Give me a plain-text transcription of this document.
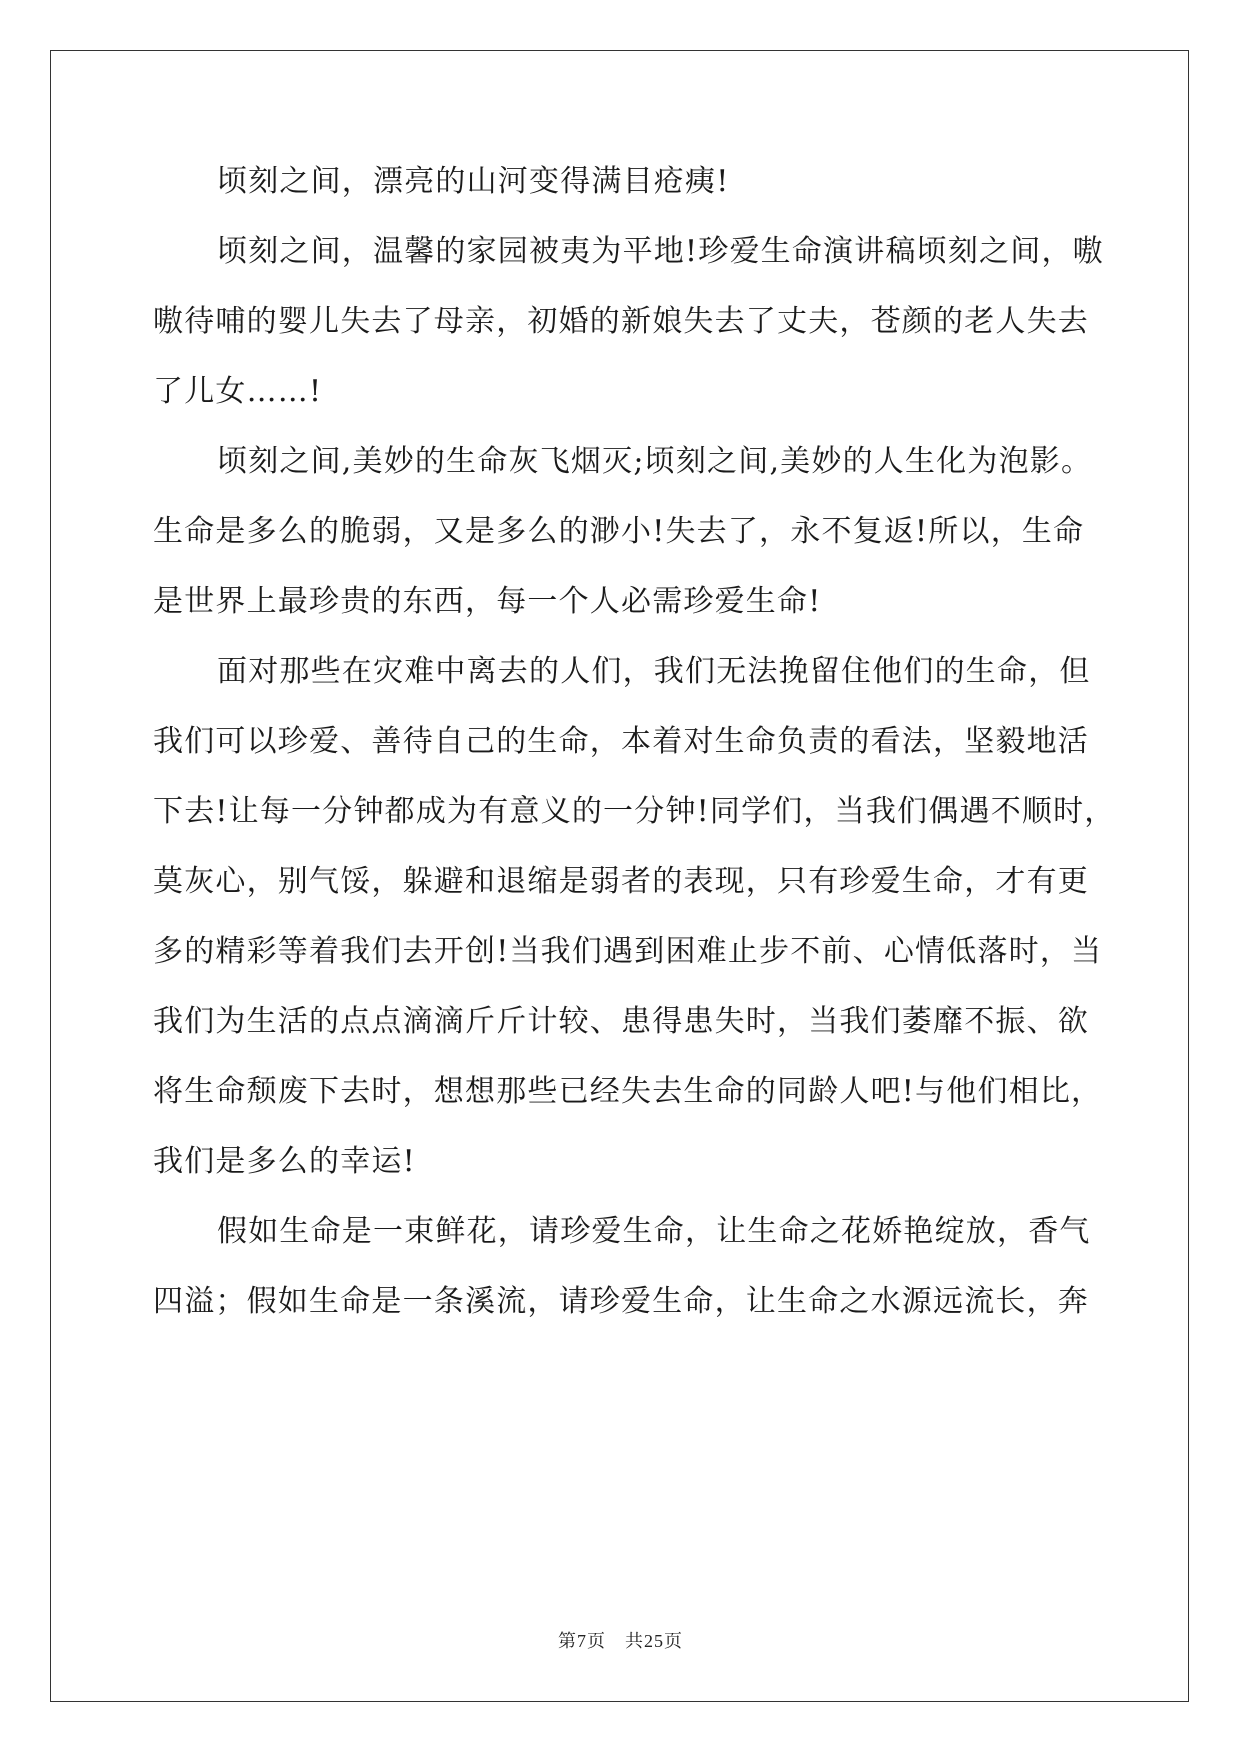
顷刻之间，漂亮的山河变得满目疮痍!
顷刻之间，温馨的家园被夷为平地!珍爱生命演讲稿顷刻之间，嗷
嗷待哺的婴儿失去了母亲，初婚的新娘失去了丈夫，苍颜的老人失去
了儿女……!
顷刻之间,美妙的生命灰飞烟灭;顷刻之间,美妙的人生化为泡影。
生命是多么的脆弱，又是多么的渺小!失去了，永不复返!所以，生命
是世界上最珍贵的东西，每一个人必需珍爱生命!
面对那些在灾难中离去的人们，我们无法挽留住他们的生命，但
我们可以珍爱、善待自己的生命，本着对生命负责的看法，坚毅地活
下去!让每一分钟都成为有意义的一分钟!同学们，当我们偶遇不顺时，
莫灰心，别气馁，躲避和退缩是弱者的表现，只有珍爱生命，才有更
多的精彩等着我们去开创!当我们遇到困难止步不前、心情低落时，当
我们为生活的点点滴滴斤斤计较、患得患失时，当我们萎靡不振、欲
将生命颓废下去时，想想那些已经失去生命的同龄人吧!与他们相比，
我们是多么的幸运!
假如生命是一束鲜花，请珍爱生命，让生命之花娇艳绽放，香气
四溢；假如生命是一条溪流，请珍爱生命，让生命之水源远流长，奔
第7页　共25页
